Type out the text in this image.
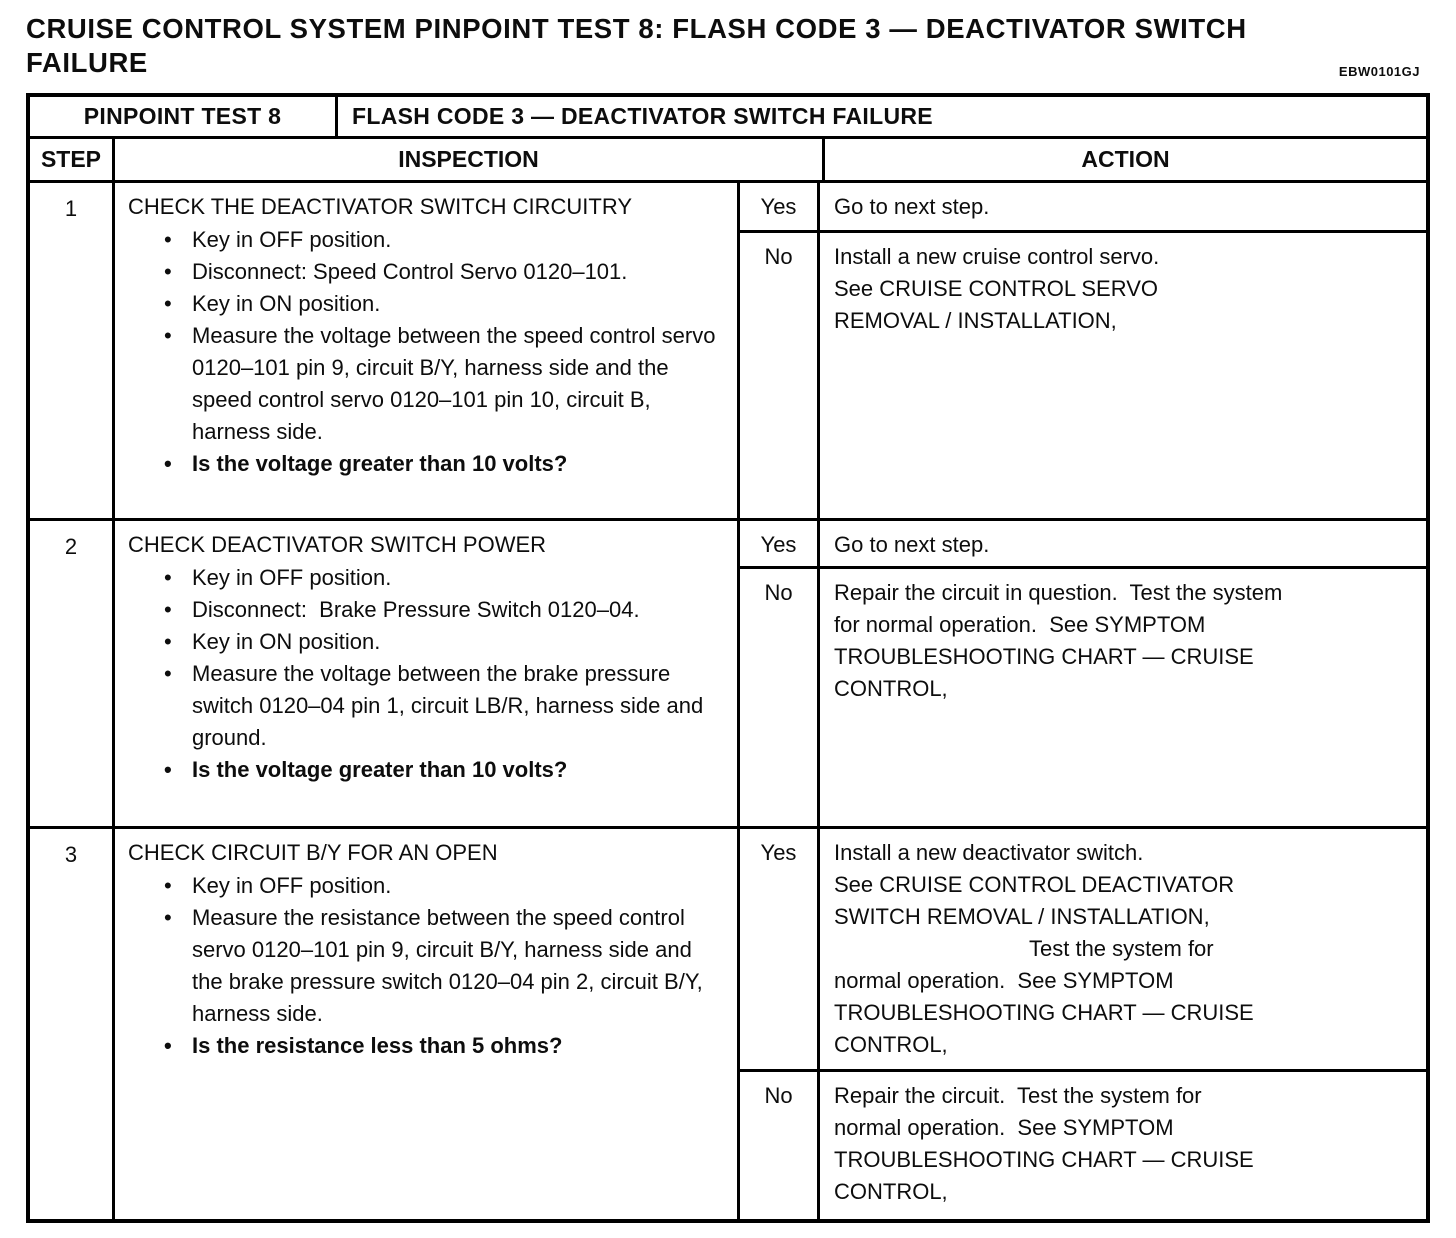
CRUISE CONTROL SYSTEM PINPOINT TEST 8: FLASH CODE 3 — DEACTIVATOR SWITCH FAILURE	EBW0101GJ
PINPOINT TEST 8	FLASH CODE 3 — DEACTIVATOR SWITCH FAILURE
STEP	INSPECTION	ACTION
1	CHECK THE DEACTIVATOR SWITCH CIRCUITRY
• Key in OFF position.
• Disconnect: Speed Control Servo 0120–101.
• Key in ON position.
• Measure the voltage between the speed control servo 0120–101 pin 9, circuit B/Y, harness side and the speed control servo 0120–101 pin 10, circuit B, harness side.
• Is the voltage greater than 10 volts?
Yes	Go to next step.
No	Install a new cruise control servo.
See CRUISE CONTROL SERVO
REMOVAL / INSTALLATION,
2	CHECK DEACTIVATOR SWITCH POWER
• Key in OFF position.
• Disconnect:  Brake Pressure Switch 0120–04.
• Key in ON position.
• Measure the voltage between the brake pressure switch 0120–04 pin 1, circuit LB/R, harness side and ground.
• Is the voltage greater than 10 volts?
Yes	Go to next step.
No	Repair the circuit in question.  Test the system
for normal operation.  See SYMPTOM
TROUBLESHOOTING CHART — CRUISE
CONTROL,
3	CHECK CIRCUIT B/Y FOR AN OPEN
• Key in OFF position.
• Measure the resistance between the speed control servo 0120–101 pin 9, circuit B/Y, harness side and the brake pressure switch 0120–04 pin 2, circuit B/Y, harness side.
• Is the resistance less than 5 ohms?
Yes	Install a new deactivator switch.
See CRUISE CONTROL DEACTIVATOR
SWITCH REMOVAL / INSTALLATION,
Test the system for
normal operation.  See SYMPTOM
TROUBLESHOOTING CHART — CRUISE
CONTROL,
No	Repair the circuit.  Test the system for
normal operation.  See SYMPTOM
TROUBLESHOOTING CHART — CRUISE
CONTROL,
